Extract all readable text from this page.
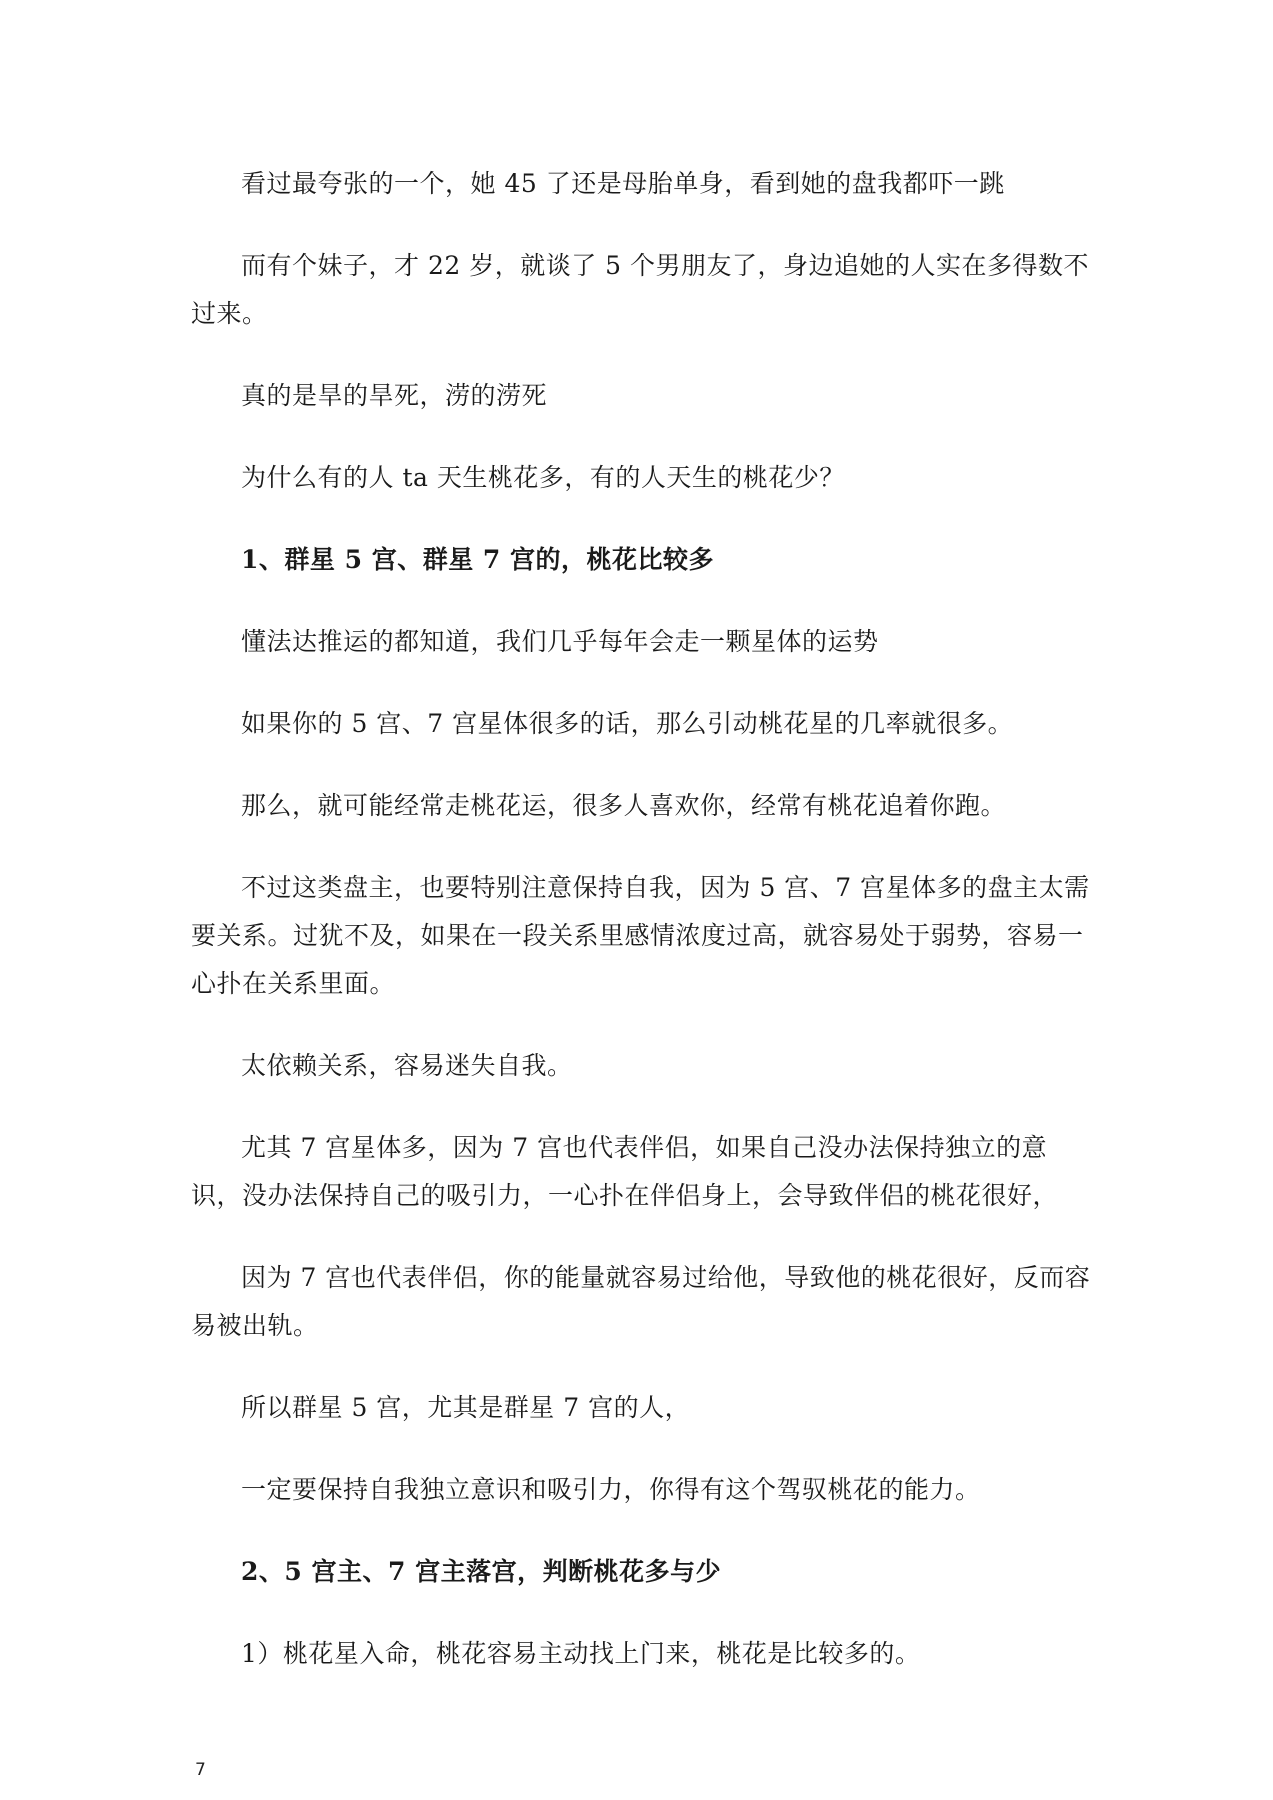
看过最夸张的一个，她 45 了还是母胎单身，看到她的盘我都吓一跳

而有个妹子，才 22 岁，就谈了 5 个男朋友了，身边追她的人实在多得数不过来。

真的是旱的旱死，涝的涝死

为什么有的人 ta 天生桃花多，有的人天生的桃花少？

1、群星 5 宫、群星 7 宫的，桃花比较多

懂法达推运的都知道，我们几乎每年会走一颗星体的运势

如果你的 5 宫、7 宫星体很多的话，那么引动桃花星的几率就很多。

那么，就可能经常走桃花运，很多人喜欢你，经常有桃花追着你跑。

不过这类盘主，也要特别注意保持自我，因为 5 宫、7 宫星体多的盘主太需要关系。过犹不及，如果在一段关系里感情浓度过高，就容易处于弱势，容易一心扑在关系里面。

太依赖关系，容易迷失自我。

尤其 7 宫星体多，因为 7 宫也代表伴侣，如果自己没办法保持独立的意识，没办法保持自己的吸引力，一心扑在伴侣身上，会导致伴侣的桃花很好，

因为 7 宫也代表伴侣，你的能量就容易过给他，导致他的桃花很好，反而容易被出轨。

所以群星 5 宫，尤其是群星 7 宫的人，

一定要保持自我独立意识和吸引力，你得有这个驾驭桃花的能力。

2、5 宫主、7 宫主落宫，判断桃花多与少

1）桃花星入命，桃花容易主动找上门来，桃花是比较多的。

7
